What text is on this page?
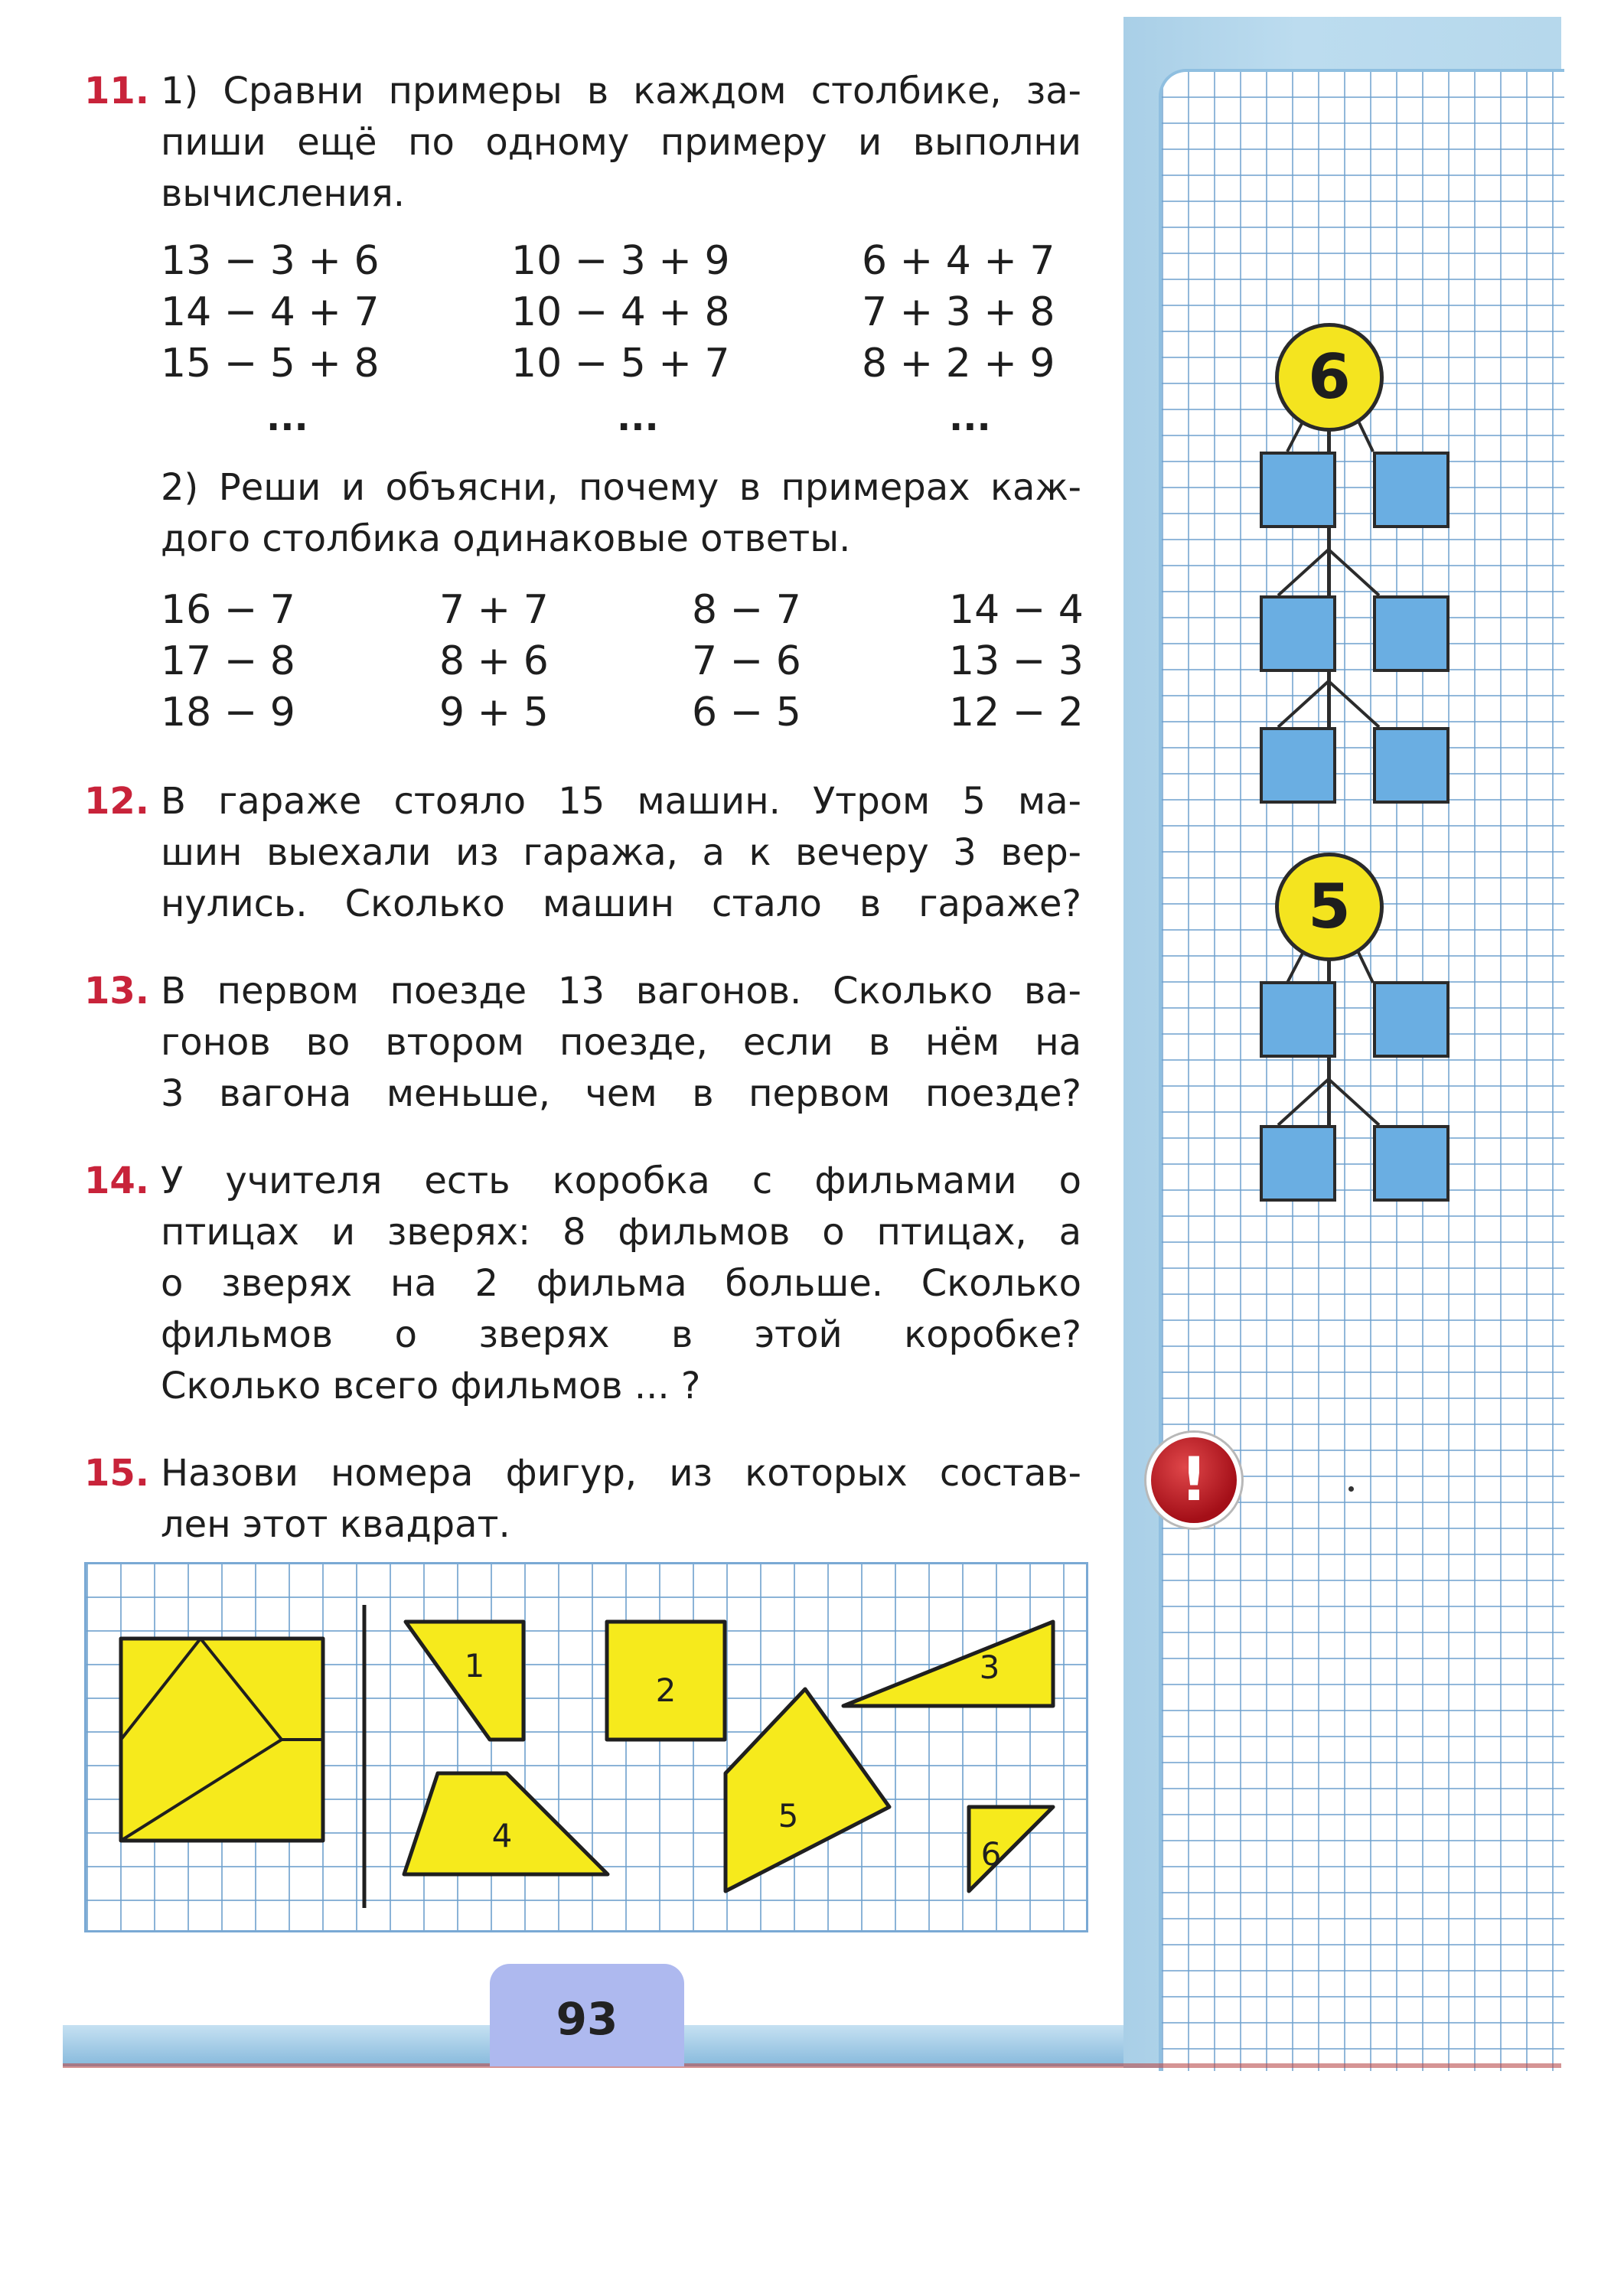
11. 1) Сравни примеры в каждом столбике, за-

пиши ещё по одному примеру и выполни

вычисления.

13 − 3 + 6
14 − 4 + 7
15 − 5 + 8
...
10 − 3 + 9
10 − 4 + 8
10 − 5 + 7
...
6 + 4 + 7
7 + 3 + 8
8 + 2 + 9
...

2) Реши и объясни, почему в примерах каж-

дого столбика одинаковые ответы.

16 − 7
17 − 8
18 − 9
7 + 7
8 + 6
9 + 5
8 − 7
7 − 6
6 − 5
14 − 4
13 − 3
12 − 2
12. В гараже стояло 15 машин. Утром 5 ма-

шин выехали из гаража, а к вечеру 3 вер-

нулись. Сколько машин стало в гараже?

13. В первом поезде 13 вагонов. Сколько ва-

гонов во втором поезде, если в нём на

3 вагона меньше, чем в первом поезде?

14. У учителя есть коробка с фильмами о

птицах и зверях: 8 фильмов о птицах, а

о зверях на 2 фильма больше. Сколько

фильмов о зверях в этой коробке?

Сколько всего фильмов ... ?

15. Назови номера фигур, из которых состав-

лен этот квадрат.

1
2
3
4
5
6
6
5
!
93
